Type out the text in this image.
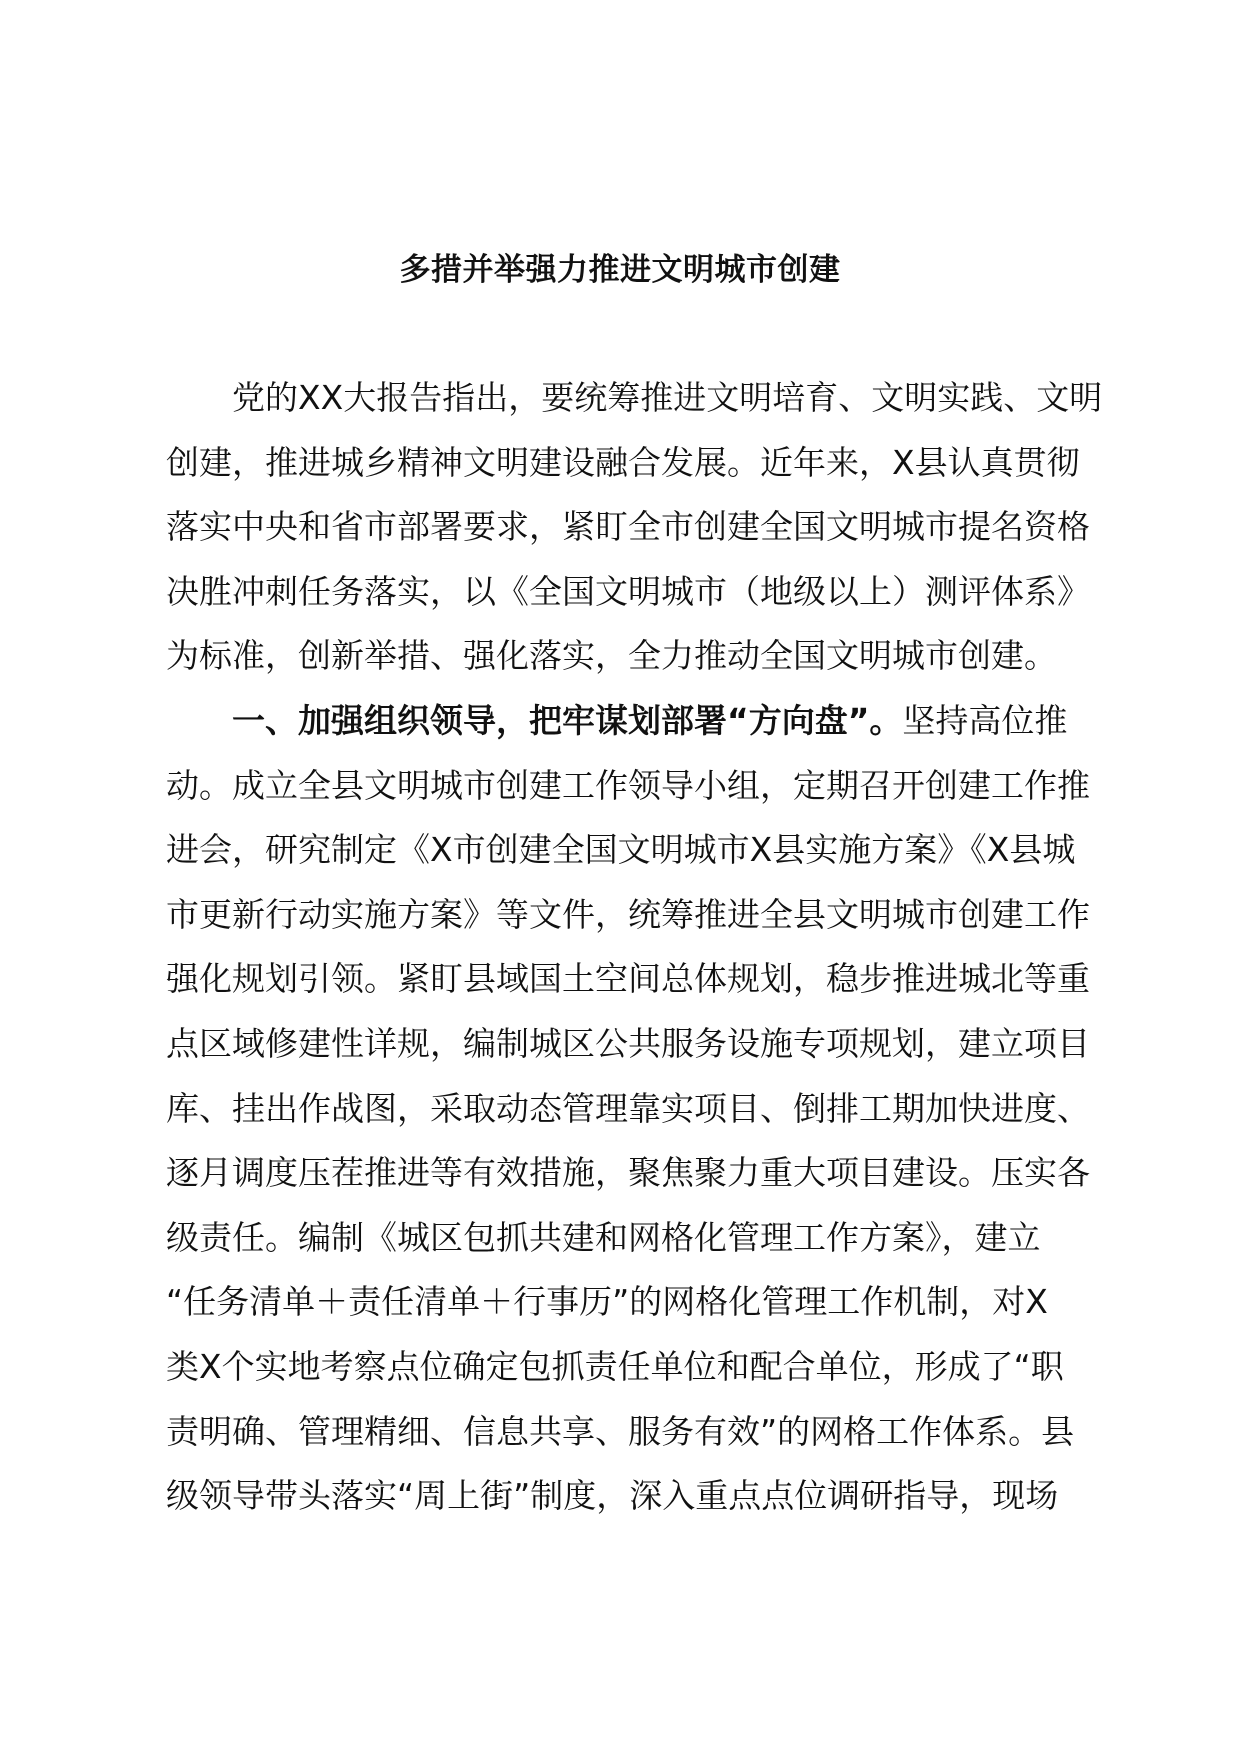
多措并举强力推进文明城市创建
党的XX大报告指出，要统筹推进文明培育、文明实践、文明
创建，推进城乡精神文明建设融合发展。近年来，X县认真贯彻
落实中央和省市部署要求，紧盯全市创建全国文明城市提名资格
决胜冲刺任务落实，以《全国文明城市（地级以上）测评体系》
为标准，创新举措、强化落实，全力推动全国文明城市创建。
一、加强组织领导，把牢谋划部署“方向盘”。坚持高位推
动。成立全县文明城市创建工作领导小组，定期召开创建工作推
进会，研究制定《X市创建全国文明城市X县实施方案》《X县城
市更新行动实施方案》等文件，统筹推进全县文明城市创建工作
强化规划引领。紧盯县域国土空间总体规划，稳步推进城北等重
点区域修建性详规，编制城区公共服务设施专项规划，建立项目
库、挂出作战图，采取动态管理靠实项目、倒排工期加快进度、
逐月调度压茬推进等有效措施，聚焦聚力重大项目建设。压实各
级责任。编制《城区包抓共建和网格化管理工作方案》，建立
“任务清单＋责任清单＋行事历”的网格化管理工作机制，对X
类X个实地考察点位确定包抓责任单位和配合单位，形成了“职
责明确、管理精细、信息共享、服务有效”的网格工作体系。县
级领导带头落实“周上街”制度，深入重点点位调研指导，现场
